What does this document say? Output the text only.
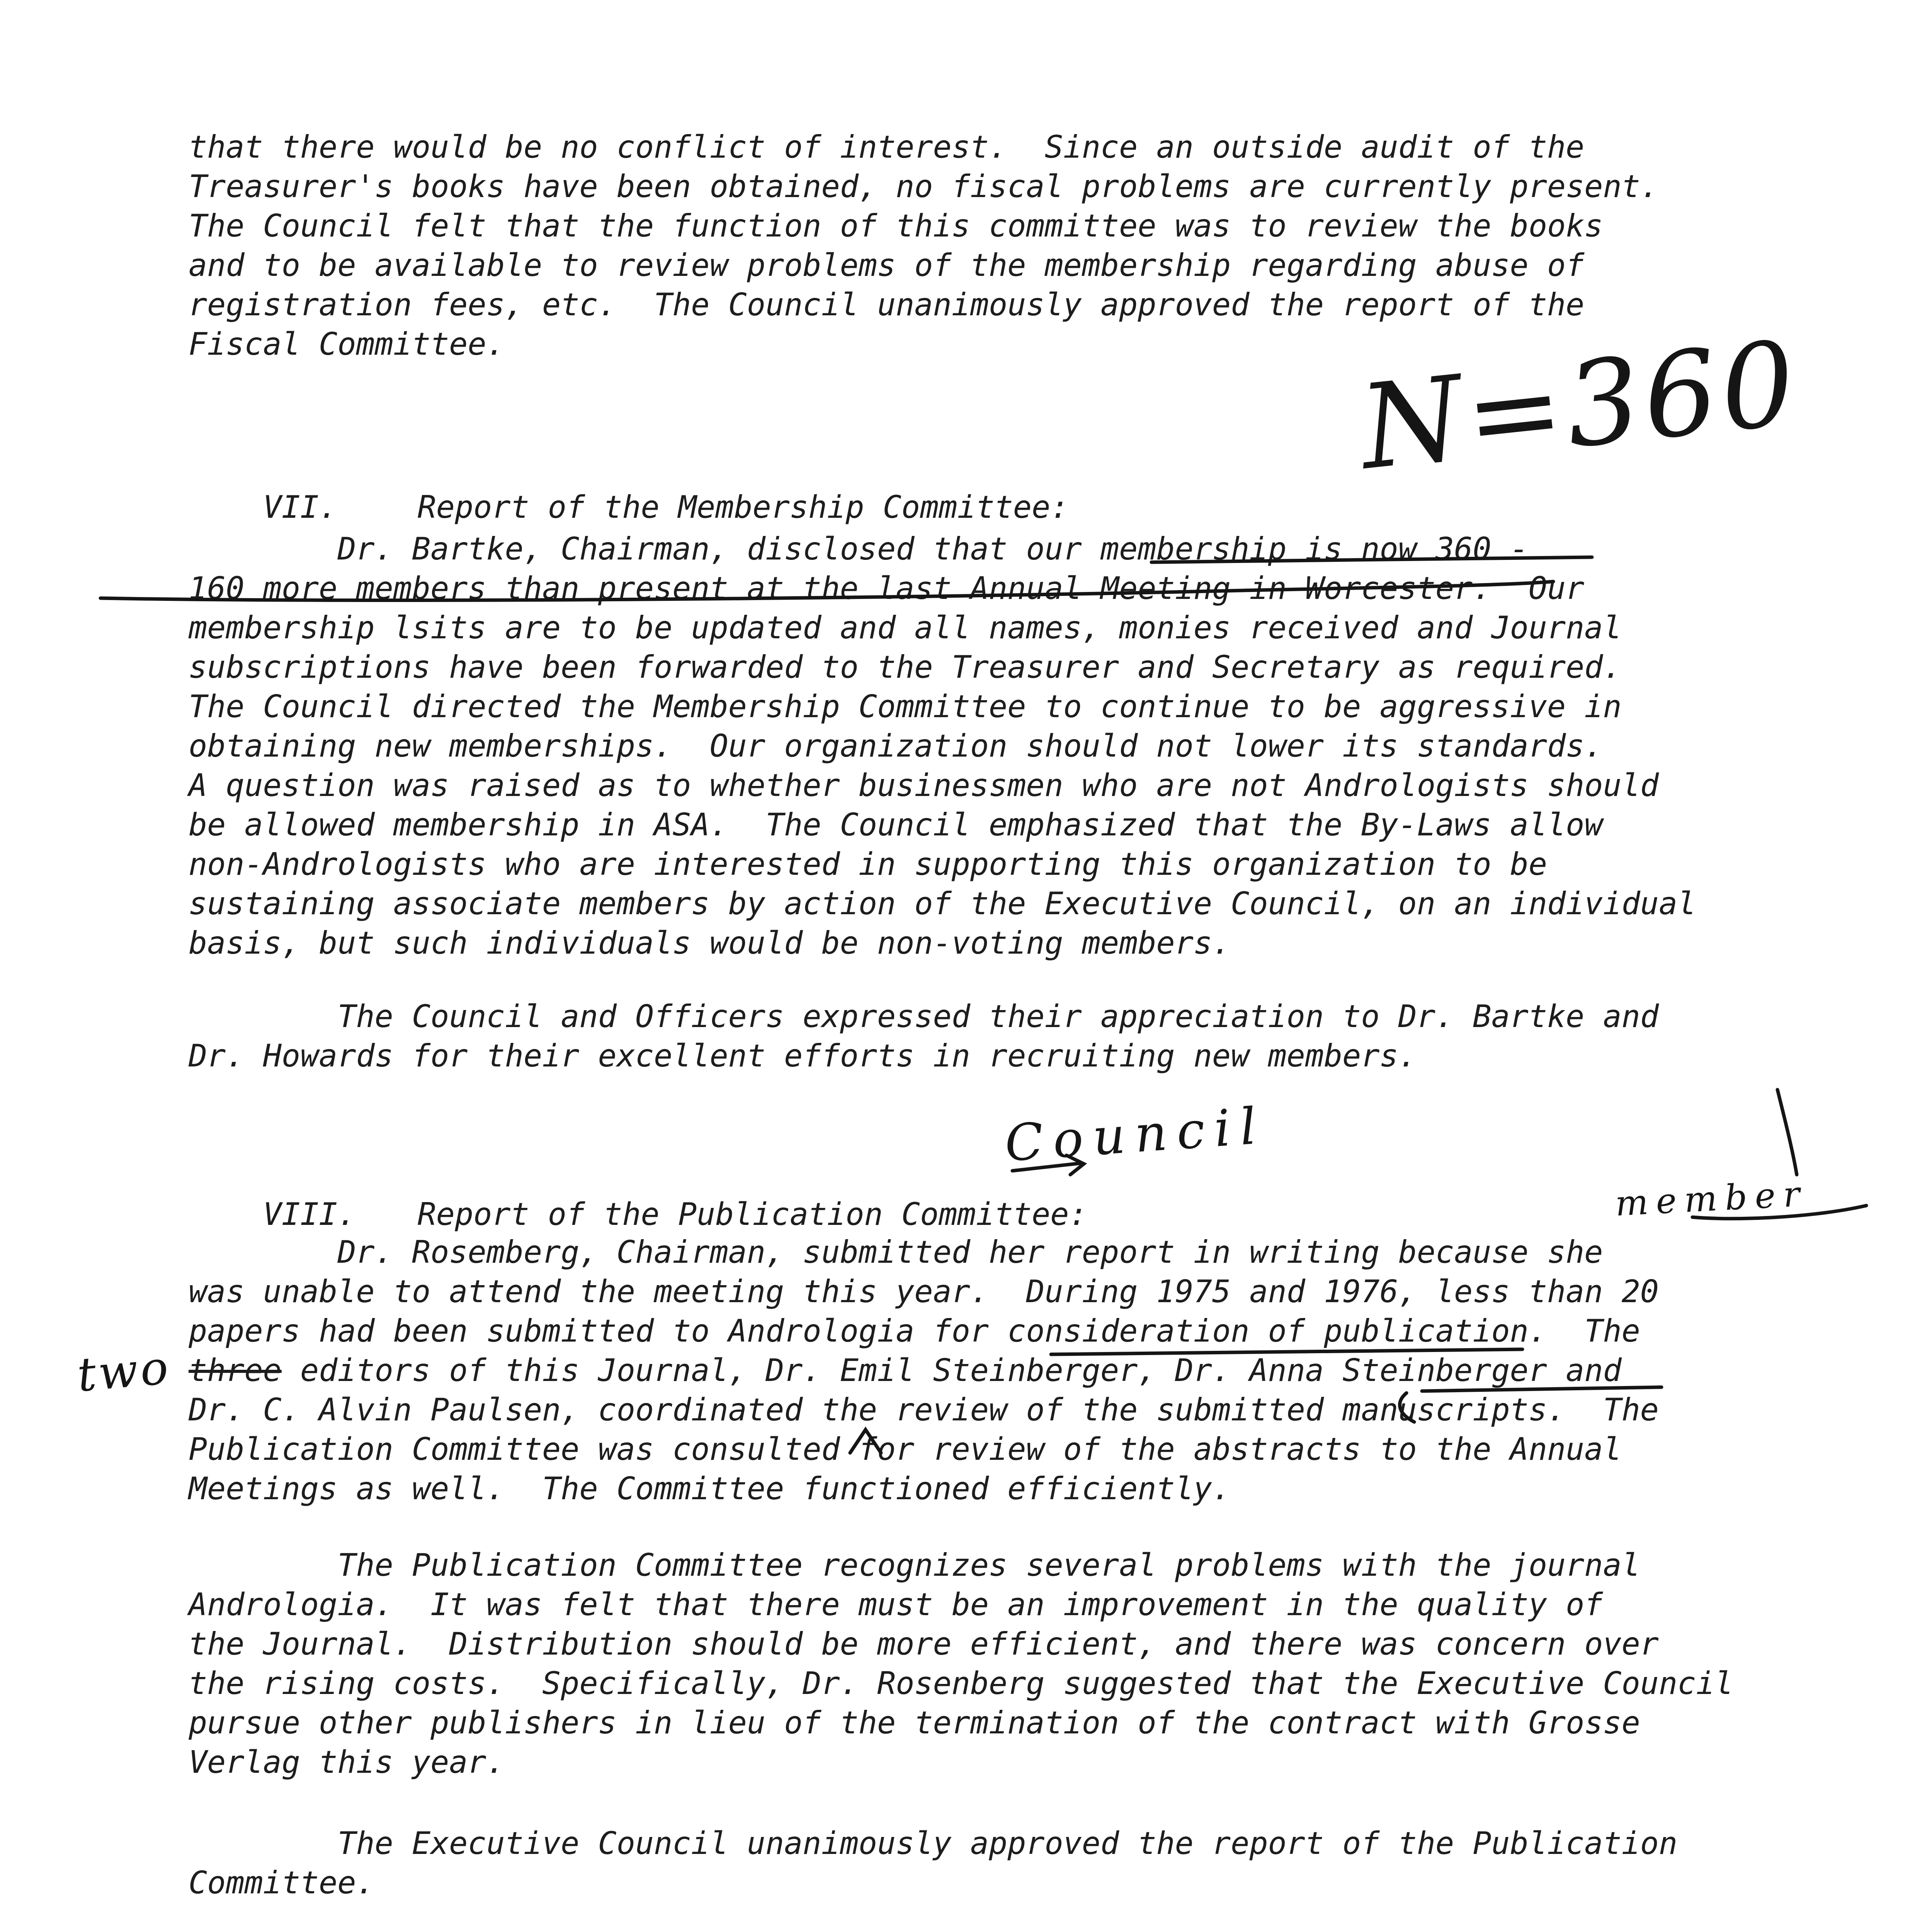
that there would be no conflict of interest.  Since an outside audit of the
Treasurer's books have been obtained, no fiscal problems are currently present.
The Council felt that the function of this committee was to review the books
and to be available to review problems of the membership regarding abuse of
registration fees, etc.  The Council unanimously approved the report of the
Fiscal Committee.

VII.	Report of the Membership Committee:

Dr. Bartke, Chairman, disclosed that our membership is now 360 -
160 more members than present at the last Annual Meeting in Worcester.  Our
membership lsits are to be updated and all names, monies received and Journal
subscriptions have been forwarded to the Treasurer and Secretary as required.
The Council directed the Membership Committee to continue to be aggressive in
obtaining new memberships.  Our organization should not lower its standards.
A question was raised as to whether businessmen who are not Andrologists should
be allowed membership in ASA.  The Council emphasized that the By-Laws allow
non-Andrologists who are interested in supporting this organization to be
sustaining associate members by action of the Executive Council, on an individual
basis, but such individuals would be non-voting members.
The Council and Officers expressed their appreciation to Dr. Bartke and
Dr. Howards for their excellent efforts in recruiting new members.

VIII. Report of the Publication Committee:

Dr. Rosemberg, Chairman, submitted her report in writing because she
was unable to attend the meeting this year.  During 1975 and 1976, less than 20
papers had been submitted to Andrologia for consideration of publication.  The
three editors of this Journal, Dr. Emil Steinberger, Dr. Anna Steinberger and
Dr. C. Alvin Paulsen, coordinated the review of the submitted manuscripts.  The
Publication Committee was consulted for review of the abstracts to the Annual
Meetings as well.  The Committee functioned efficiently.
The Publication Committee recognizes several problems with the journal
Andrologia.  It was felt that there must be an improvement in the quality of
the Journal.  Distribution should be more efficient, and there was concern over
the rising costs.  Specifically, Dr. Rosenberg suggested that the Executive Council
pursue other publishers in lieu of the termination of the contract with Grosse
Verlag this year.
The Executive Council unanimously approved the report of the Publication
Committee.

N=360
Council
member
two
